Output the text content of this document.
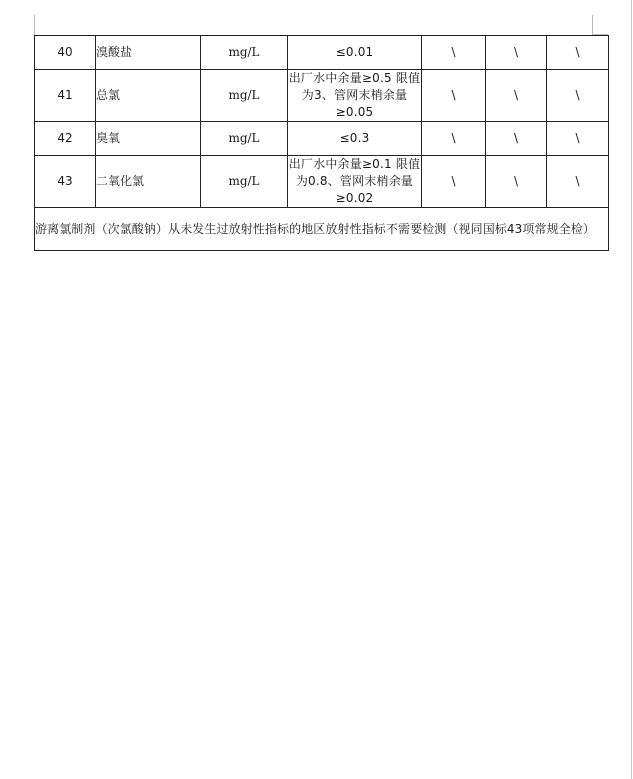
40	溴酸盐	mg/L	≤0.01	\	\	\
41	总氯	mg/L	出厂水中余量≥0.5 限值为3、管网末梢余量≥0.05	\	\	\
42	臭氧	mg/L	≤0.3	\	\	\
43	二氧化氯	mg/L	出厂水中余量≥0.1 限值为0.8、管网末梢余量≥0.02	\	\	\
游离氯制剂（次氯酸钠）从未发生过放射性指标的地区放射性指标不需要检测（视同国标43项常规全检）						
